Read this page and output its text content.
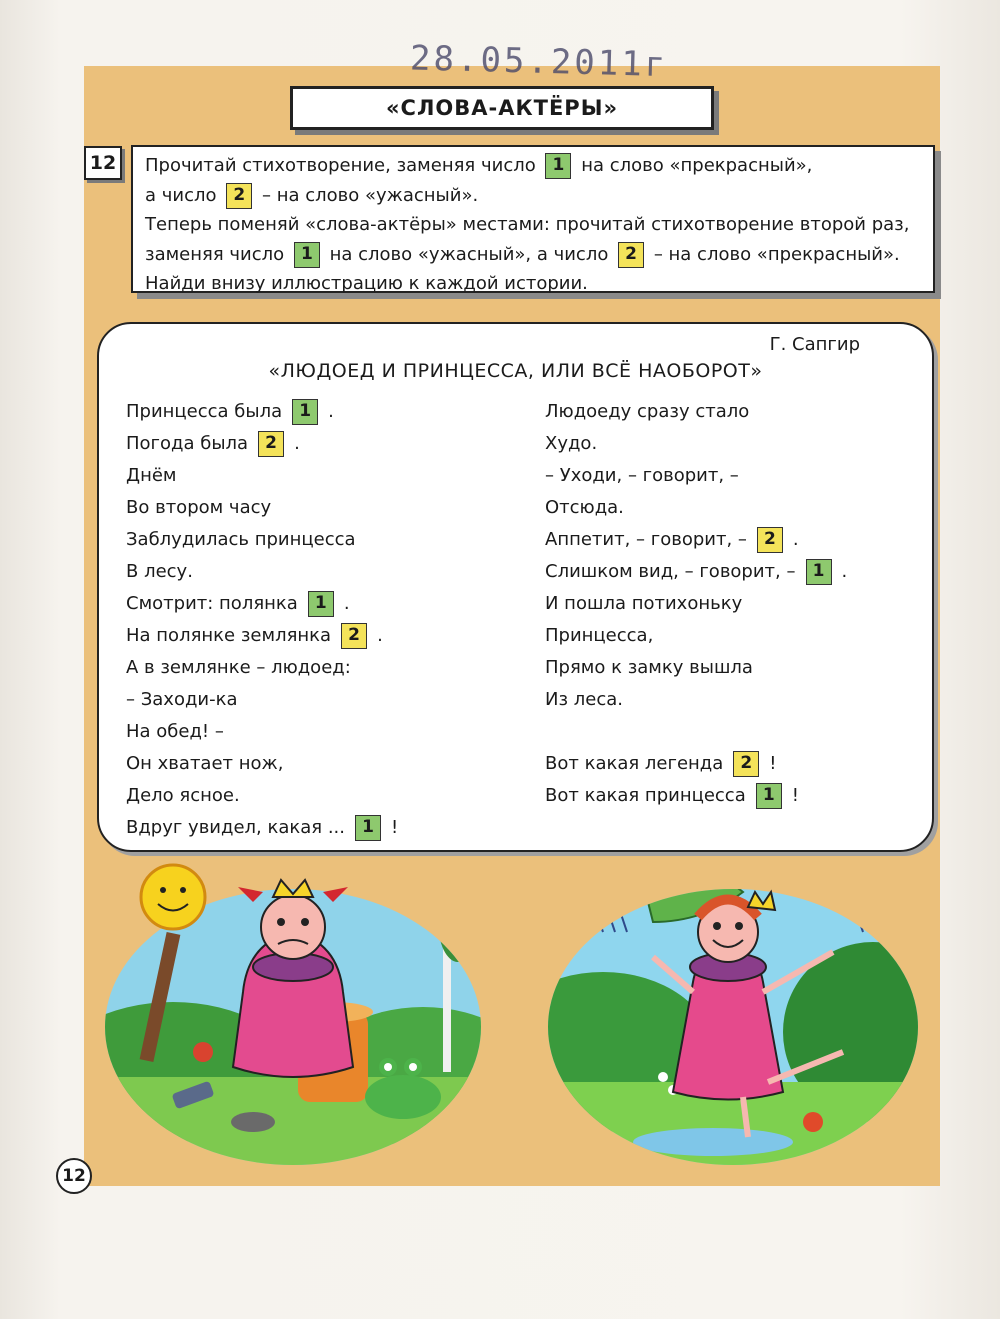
28.05.2011г
«СЛОВА-АКТЁРЫ»
12	Прочитай стихотворение, заменяя число 1 на слово «прекрасный»,
а число 2 – на слово «ужасный».
Теперь поменяй «слова-актёры» местами: прочитай стихотворение второй раз,
заменяя число 1 на слово «ужасный», а число 2 – на слово «прекрасный».
Найди внизу иллюстрацию к каждой истории.
Г. Сапгир
«ЛЮДОЕД И ПРИНЦЕССА, ИЛИ ВСЁ НАОБОРОТ»
Принцесса была 1 .
Погода была 2 .
Днём
Во втором часу
Заблудилась принцесса
В лесу.
Смотрит: полянка 1 .
На полянке землянка 2 .
А в землянке – людоед:
– Заходи-ка
На обед! –
Он хватает нож,
Дело ясное.
Вдруг увидел, какая ... 1 !
Людоеду сразу стало
Худо.
– Уходи, – говорит, –
Отсюда.
Аппетит, – говорит, – 2 .
Слишком вид, – говорит, – 1 .
И пошла потихоньку
Принцесса,
Прямо к замку вышла
Из леса.
Вот какая легенда 2 !
Вот какая принцесса 1 !
12
